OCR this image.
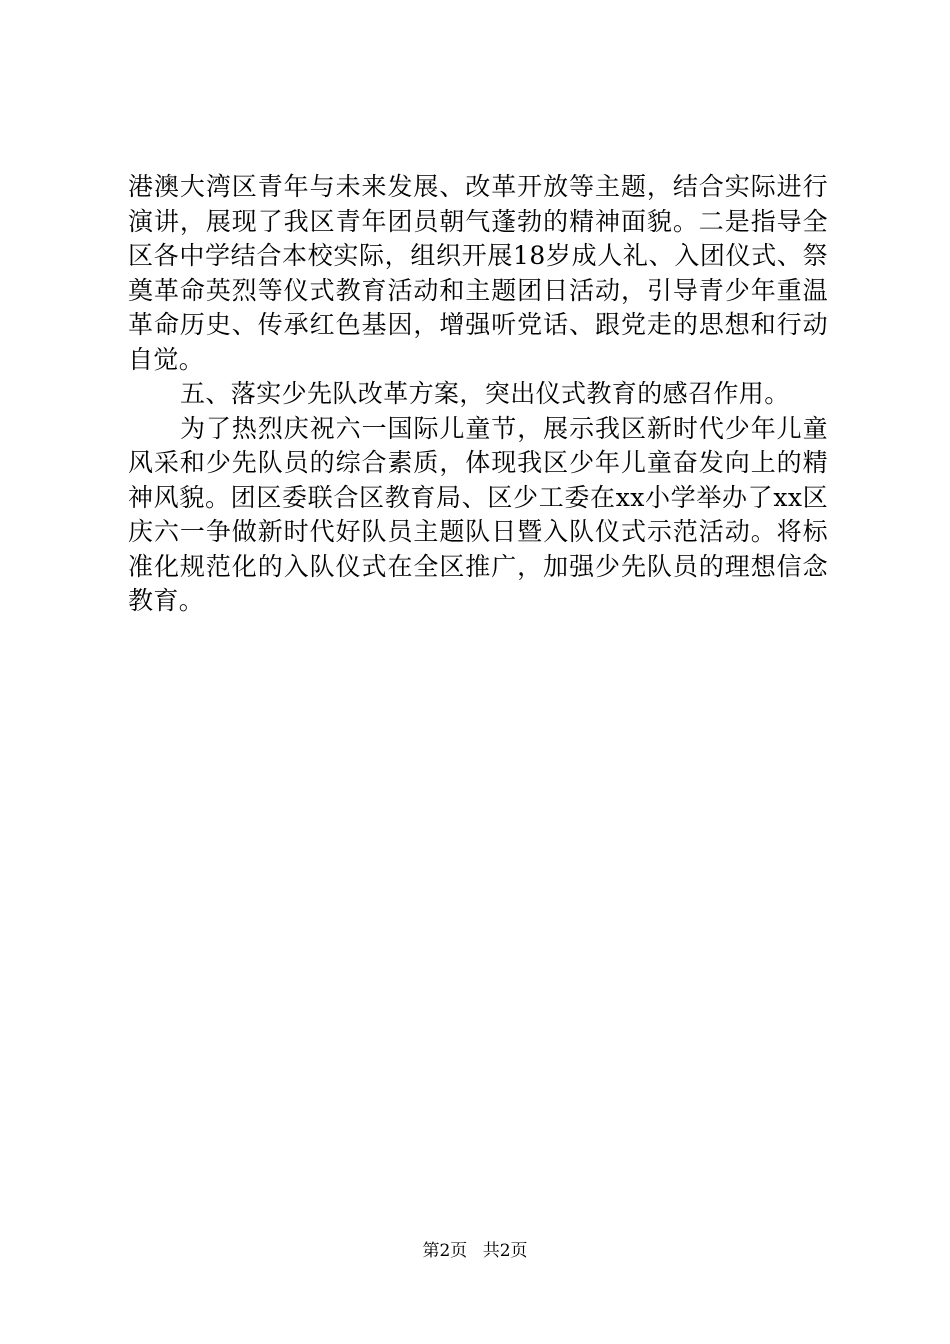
港澳大湾区青年与未来发展、改革开放等主题，结合实际进行演讲，展现了我区青年团员朝气蓬勃的精神面貌。二是指导全区各中学结合本校实际，组织开展18岁成人礼、入团仪式、祭奠革命英烈等仪式教育活动和主题团日活动，引导青少年重温革命历史、传承红色基因，增强听党话、跟党走的思想和行动自觉。

五、落实少先队改革方案，突出仪式教育的感召作用。

为了热烈庆祝六一国际儿童节，展示我区新时代少年儿童风采和少先队员的综合素质，体现我区少年儿童奋发向上的精神风貌。团区委联合区教育局、区少工委在xx小学举办了xx区庆六一争做新时代好队员主题队日暨入队仪式示范活动。将标准化规范化的入队仪式在全区推广，加强少先队员的理想信念教育。

第2页 共2页
